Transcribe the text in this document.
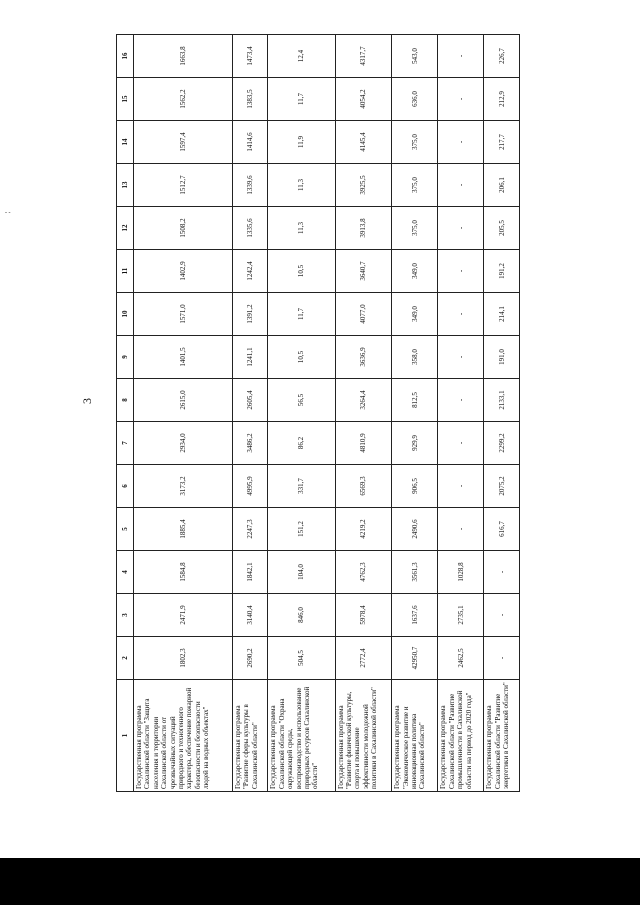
- -
3
1	2	3	4	5	6	7	8	9	10	11	12	13	14	15	16
Государственная программа Сахалинской области "Защита населения и территории Сахалинской области от чрезвычайных ситуаций природного и техногенного характера, обеспечение пожарной безопасности и безопасности людей на водных объектах"	1802,3	2471,9	1584,8	1885,4	3173,2	2934,0	2615,0	1401,5	1571,0	1402,9	1508,2	1512,7	1597,4	1562,2	1663,8
Государственная программа "Развитие сферы культуры в Сахалинской области"	2690,2	3140,4	1842,1	2247,3	4995,9	3486,2	2605,4	1241,1	1391,2	1242,4	1335,6	1339,6	1414,6	1383,5	1473,4
Государственная программа Сахалинской области "Охрана окружающей среды, воспроизводство и использование природных ресурсов Сахалинской области"	504,5	846,0	104,0	151,2	331,7	86,2	56,5	10,5	11,7	10,5	11,3	11,3	11,9	11,7	12,4
Государственная программа "Развитие физической культуры, спорта и повышение эффективности молодежной политики в Сахалинской области"	2772,4	5978,4	4762,3	4219,2	6569,3	4810,9	3264,4	3636,9	4077,0	3640,7	3913,8	3925,5	4145,4	4054,2	4317,7
Государственная программа "Экономическое развитие и инновационная политика Сахалинской области"	42950,7	1637,6	3561,3	2490,6	906,5	929,9	812,5	358,0	349,0	349,0	375,0	375,0	375,0	636,0	543,0
Государственная программа Сахалинской области "Развитие промышленности в Сахалинской области на период до 2020 года"	2462,5	2735,1	1028,8	-	-	-	-	-	-	-	-	-	-	-	-
Государственная программа Сахалинской области "Развитие энергетики в Сахалинской области"	-	-	-	616,7	2075,2	2299,2	2133,1	191,0	214,1	191,2	205,5	206,1	217,7	212,9	226,7
